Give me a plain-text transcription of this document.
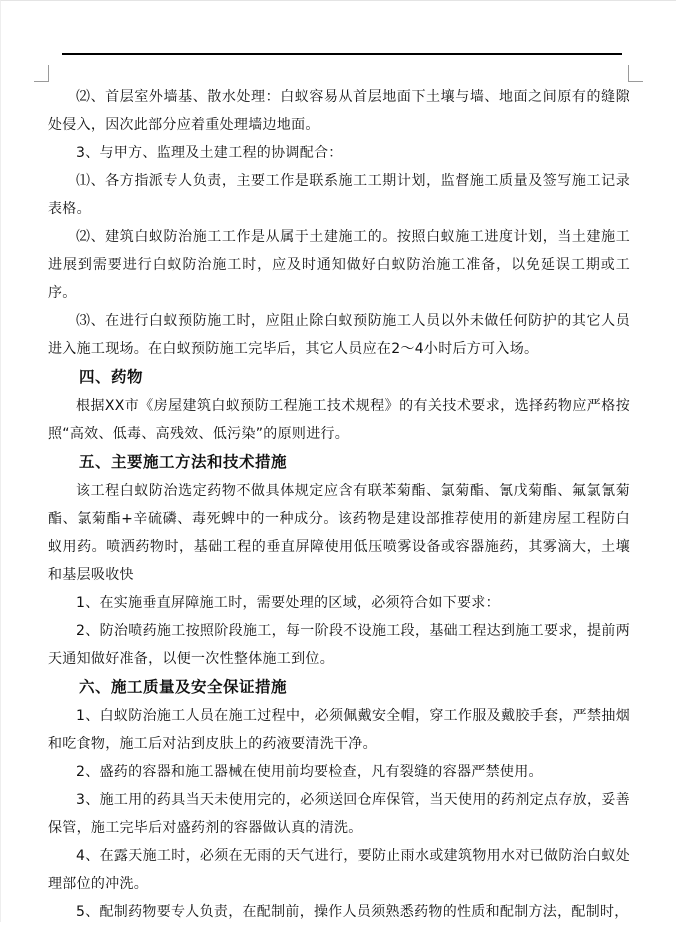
⑵、首层室外墙基、散水处理：白蚁容易从首层地面下土壤与墙、地面之间原有的缝隙处侵入，因次此部分应着重处理墙边地面。

3、与甲方、监理及土建工程的协调配合：

⑴、各方指派专人负责，主要工作是联系施工工期计划，监督施工质量及签写施工记录表格。

⑵、建筑白蚁防治施工工作是从属于土建施工的。按照白蚁施工进度计划，当土建施工进展到需要进行白蚁防治施工时，应及时通知做好白蚁防治施工准备，以免延误工期或工序。

⑶、在进行白蚁预防施工时，应阻止除白蚁预防施工人员以外未做任何防护的其它人员进入施工现场。在白蚁预防施工完毕后，其它人员应在2～4小时后方可入场。

四、药物

根据XX市《房屋建筑白蚁预防工程施工技术规程》的有关技术要求，选择药物应严格按照“高效、低毒、高残效、低污染”的原则进行。

五、主要施工方法和技术措施

该工程白蚁防治选定药物不做具体规定应含有联苯菊酯、氯菊酯、氰戊菊酯、氟氯氰菊酯、氯菊酯+辛硫磷、毒死蜱中的一种成分。该药物是建设部推荐使用的新建房屋工程防白蚁用药。喷洒药物时，基础工程的垂直屏障使用低压喷雾设备或容器施药，其雾滴大，土壤和基层吸收快

1、在实施垂直屏障施工时，需要处理的区域，必须符合如下要求：

2、防治喷药施工按照阶段施工，每一阶段不设施工段，基础工程达到施工要求，提前两天通知做好准备，以便一次性整体施工到位。

六、施工质量及安全保证措施

1、白蚁防治施工人员在施工过程中，必须佩戴安全帽，穿工作服及戴胶手套，严禁抽烟和吃食物，施工后对沾到皮肤上的药液要清洗干净。

2、盛药的容器和施工器械在使用前均要检查，凡有裂缝的容器严禁使用。

3、施工用的药具当天未使用完的，必须送回仓库保管，当天使用的药剂定点存放，妥善保管，施工完毕后对盛药剂的容器做认真的清洗。

4、在露天施工时，必须在无雨的天气进行，要防止雨水或建筑物用水对已做防治白蚁处理部位的冲洗。

5、配制药物要专人负责，在配制前，操作人员须熟悉药物的性质和配制方法，配制时，
